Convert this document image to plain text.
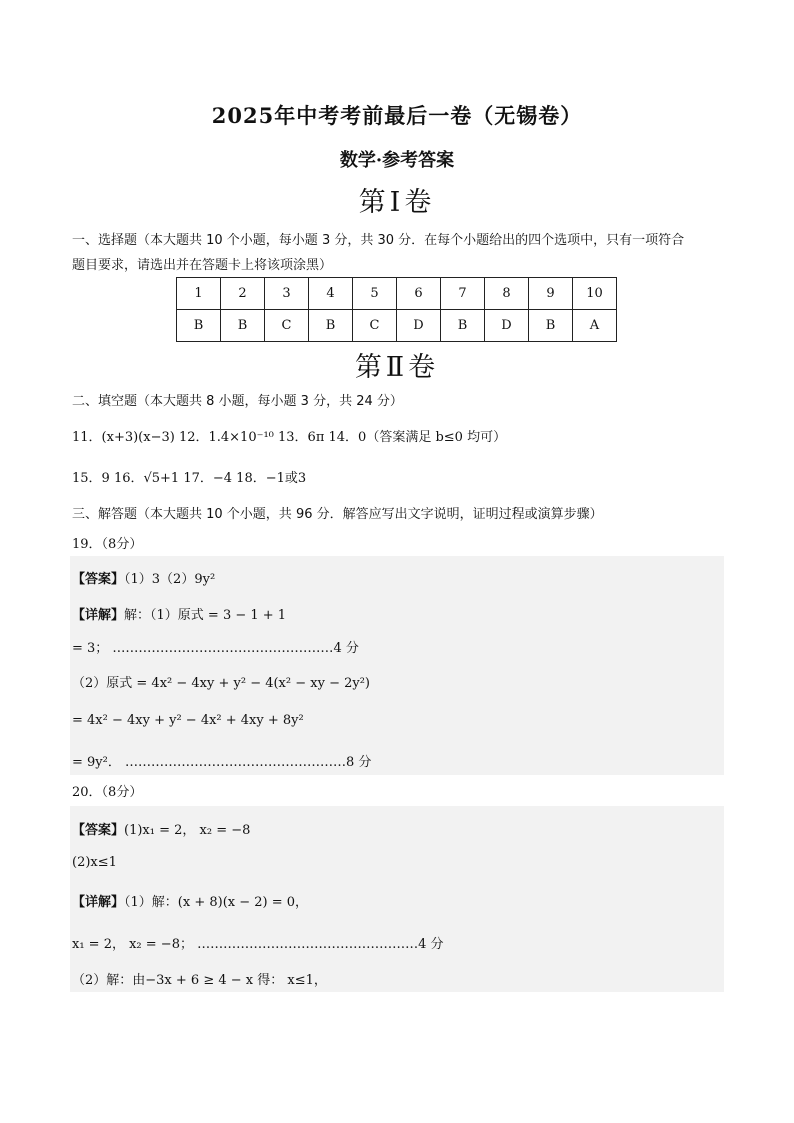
2025年中考考前最后一卷（无锡卷）
数学·参考答案
第Ⅰ卷
一、选择题（本大题共 10 个小题，每小题 3 分，共 30 分．在每个小题给出的四个选项中，只有一项符合
题目要求，请选出并在答题卡上将该项涂黑）
1	2	3	4	5	6	7	8	9	10
B	B	C	B	C	D	B	D	B	A
第Ⅱ卷
二、填空题（本大题共 8 小题，每小题 3 分，共 24 分）
11．(x+3)(x−3) 12．1.4×10⁻¹⁰ 13．6π 14．0（答案满足 b≤0 均可）
15．9 16．√5+1 17．−4 18．−1或3
三、解答题（本大题共 10 个小题，共 96 分．解答应写出文字说明，证明过程或演算步骤）
19．（8分）
【答案】（1）3（2）9y²
【详解】解：（1）原式 = 3 − 1 + 1
= 3； ……………………………………………4 分
（2）原式 = 4x² − 4xy + y² − 4(x² − xy − 2y²)
= 4x² − 4xy + y² − 4x² + 4xy + 8y²
= 9y²． ……………………………………………8 分
20．（8分）
【答案】(1)x₁ = 2， x₂ = −8
(2)x≤1
【详解】（1）解：(x + 8)(x − 2) = 0，
x₁ = 2， x₂ = −8； ……………………………………………4 分
（2）解：由−3x + 6 ≥ 4 − x 得： x≤1，
